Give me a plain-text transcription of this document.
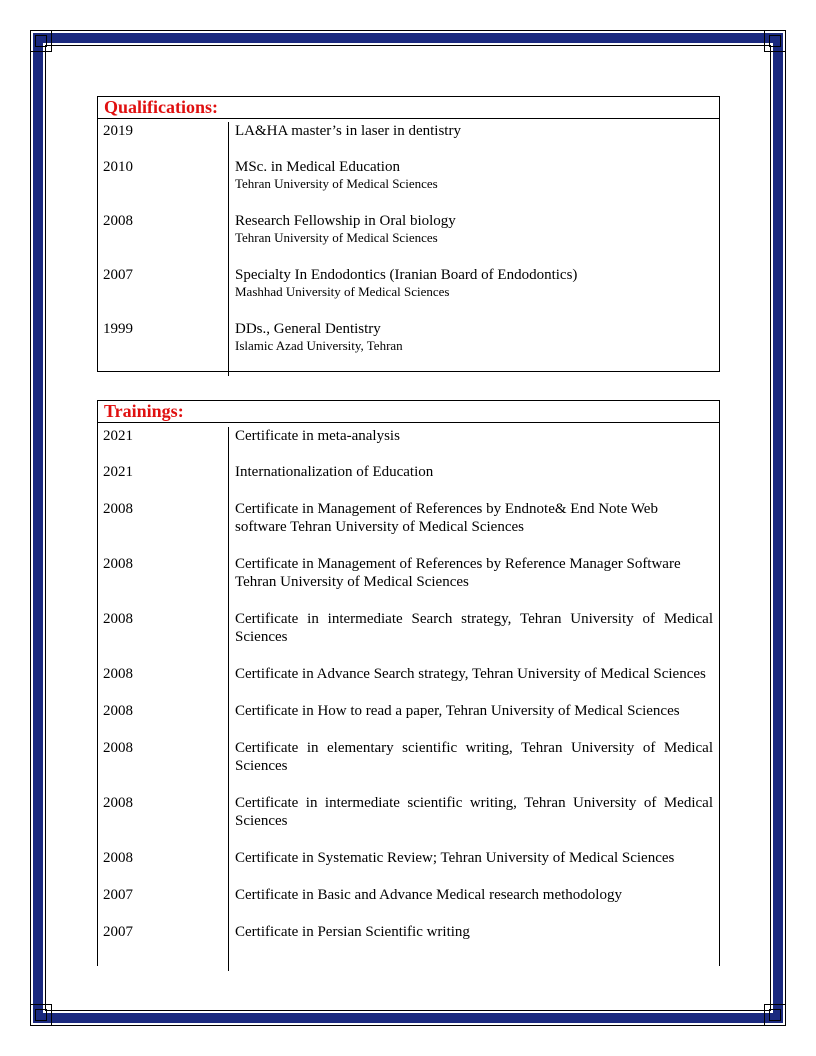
Qualifications:
2019	LA&HA master’s in laser in dentistry
2010	MSc. in Medical Education
Tehran University of Medical Sciences
2008	Research Fellowship in Oral biology
Tehran University of Medical Sciences
2007	Specialty In Endodontics (Iranian Board of Endodontics)
Mashhad University of Medical Sciences
1999	DDs., General Dentistry
Islamic Azad University, Tehran
Trainings:
2021	Certificate in meta-analysis
2021	Internationalization of Education
2008	Certificate in Management of References by Endnote& End Note Web software Tehran University of Medical Sciences
2008	Certificate in Management of References by Reference Manager Software Tehran University of Medical Sciences
2008	Certificate in intermediate Search strategy, Tehran University of Medical Sciences
2008	Certificate in Advance Search strategy, Tehran University of Medical Sciences
2008	Certificate in How to read a paper, Tehran University of Medical Sciences
2008	Certificate in elementary scientific writing, Tehran University of Medical Sciences
2008	Certificate in intermediate scientific writing, Tehran University of Medical Sciences
2008	Certificate in Systematic Review; Tehran University of Medical Sciences
2007	Certificate in Basic and Advance Medical research methodology
2007	Certificate in Persian Scientific writing
